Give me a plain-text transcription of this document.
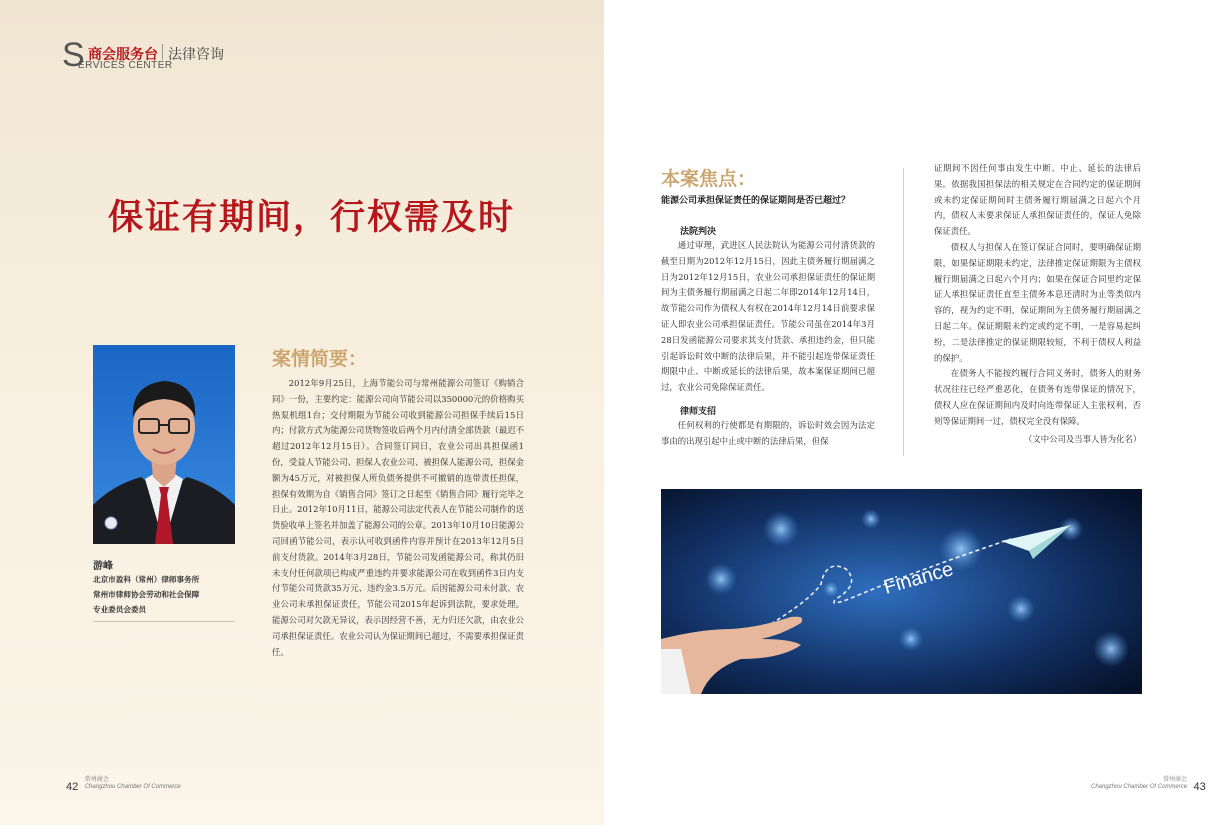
S 商会服务台 法律咨询
ERVICES CENTER
保证有期间，行权需及时
游峰
北京市盈科（常州）律师事务所
常州市律师协会劳动和社会保障
专业委员会委员
案情简要：

2012年9月25日，上海节能公司与常州能源公司签订《购销合同》一份，主要约定：能源公司向节能公司以350000元的价格购买热泵机组1台；交付期限为节能公司收到能源公司担保手续后15日内；付款方式为能源公司货物签收后两个月内付清全部货款（最迟不超过2012年12月15日）。合同签订同日，农业公司出具担保函1份，受益人节能公司、担保人农业公司、被担保人能源公司，担保金额为45万元，对被担保人所负债务提供不可撤销的连带责任担保，担保有效期为自《销售合同》签订之日起至《销售合同》履行完毕之日止。2012年10月11日，能源公司法定代表人在节能公司制作的送货验收单上签名并加盖了能源公司的公章。2013年10月10日能源公司回函节能公司，表示认可收到函件内容并预计在2013年12月5日前支付货款。2014年3月28日，节能公司发函能源公司，称其仍旧未支付任何款项已构成严重违约并要求能源公司在收到函件3日内支付节能公司货款35万元、违约金3.5万元。后因能源公司未付款、农业公司未承担保证责任，节能公司2015年起诉到法院，要求处理。能源公司对欠款无异议，表示因经营不善，无力归还欠款，由农业公司承担保证责任。农业公司认为保证期间已超过，不需要承担保证责任。

42
常州商会
Changzhou Chamber Of Commerce
本案焦点：
能源公司承担保证责任的保证期间是否已超过？
法院判决

通过审理，武进区人民法院认为能源公司付清货款的截至日期为2012年12月15日，因此主债务履行期届满之日为2012年12月15日，农业公司承担保证责任的保证期间为主债务履行期届满之日起二年即2014年12月14日，故节能公司作为债权人有权在2014年12月14日前要求保证人即农业公司承担保证责任。节能公司虽在2014年3月28日发函能源公司要求其支付货款、承担违约金，但只能引起诉讼时效中断的法律后果，并不能引起连带保证责任期限中止、中断或延长的法律后果，故本案保证期间已超过，农业公司免除保证责任。

律师支招

任何权利的行使都是有期限的，诉讼时效会因为法定事由的出现引起中止或中断的法律后果，但保

证期间不因任何事由发生中断、中止、延长的法律后果。依据我国担保法的相关规定在合同约定的保证期间或未约定保证期间时主债务履行期届满之日起六个月内，债权人未要求保证人承担保证责任的，保证人免除保证责任。

债权人与担保人在签订保证合同时，要明确保证期限，如果保证期限未约定，法律推定保证期限为主债权履行期届满之日起六个月内；如果在保证合同里约定保证人承担保证责任直至主债务本息还清时为止等类似内容的，视为约定不明，保证期间为主债务履行期届满之日起二年。保证期限未约定或约定不明，一是容易起纠纷，二是法律推定的保证期限较短，不利于债权人利益的保护。

在债务人不能按约履行合同义务时，债务人的财务状况往往已经严重恶化，在债务有连带保证的情况下，债权人应在保证期间内及时向连带保证人主张权利，否则等保证期间一过，债权完全没有保障。

（文中公司及当事人皆为化名）
Finance
常州商会
Changzhou Chamber Of Commerce 43
